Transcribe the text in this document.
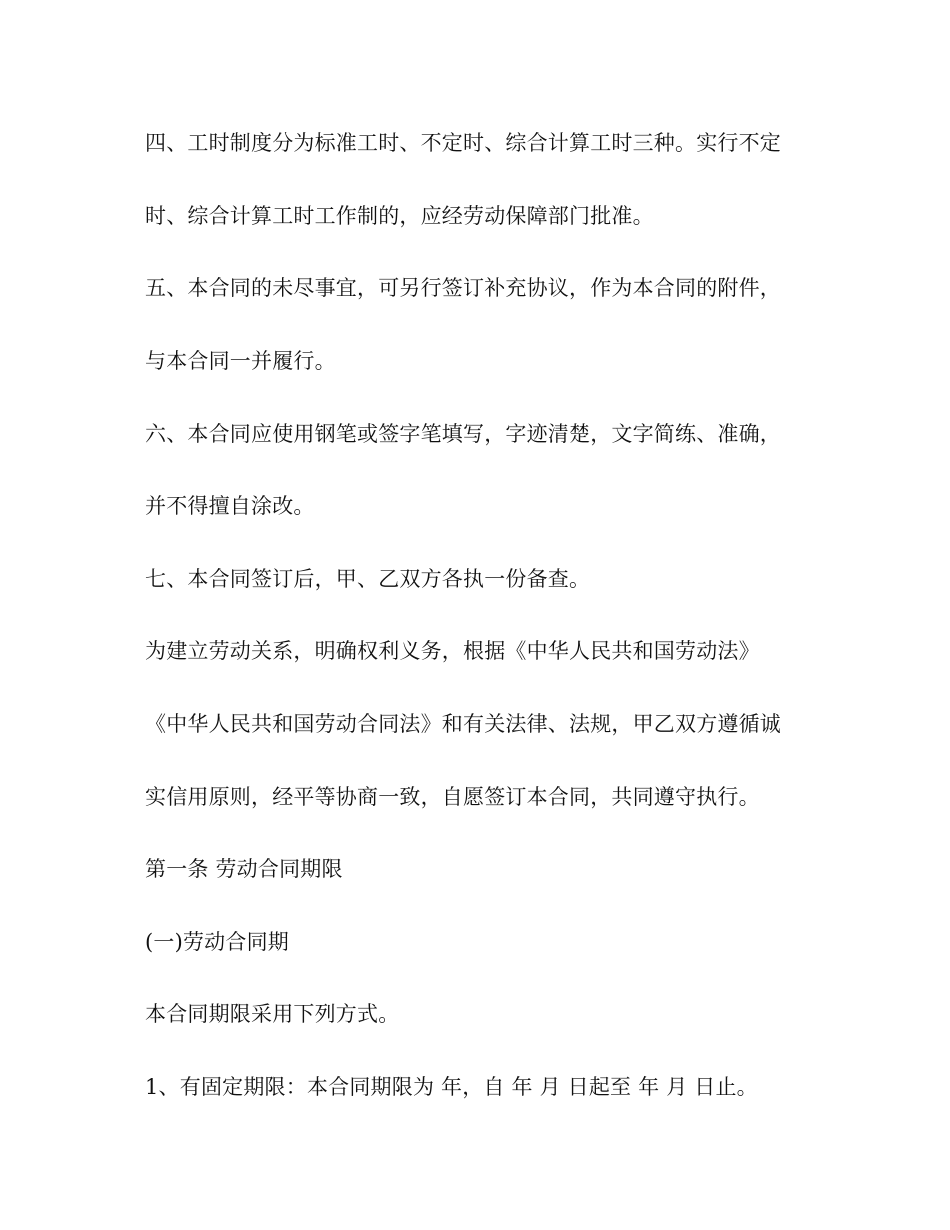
四、工时制度分为标准工时、不定时、综合计算工时三种。实行不定
时、综合计算工时工作制的，应经劳动保障部门批准。
五、本合同的未尽事宜，可另行签订补充协议，作为本合同的附件，
与本合同一并履行。
六、本合同应使用钢笔或签字笔填写，字迹清楚，文字简练、准确，
并不得擅自涂改。
七、本合同签订后，甲、乙双方各执一份备查。
为建立劳动关系，明确权利义务，根据《中华人民共和国劳动法》
《中华人民共和国劳动合同法》和有关法律、法规，甲乙双方遵循诚
实信用原则，经平等协商一致，自愿签订本合同，共同遵守执行。
第一条 劳动合同期限
(一)劳动合同期
本合同期限采用下列方式。
1、有固定期限：本合同期限为 年，自 年 月 日起至 年 月 日止。
